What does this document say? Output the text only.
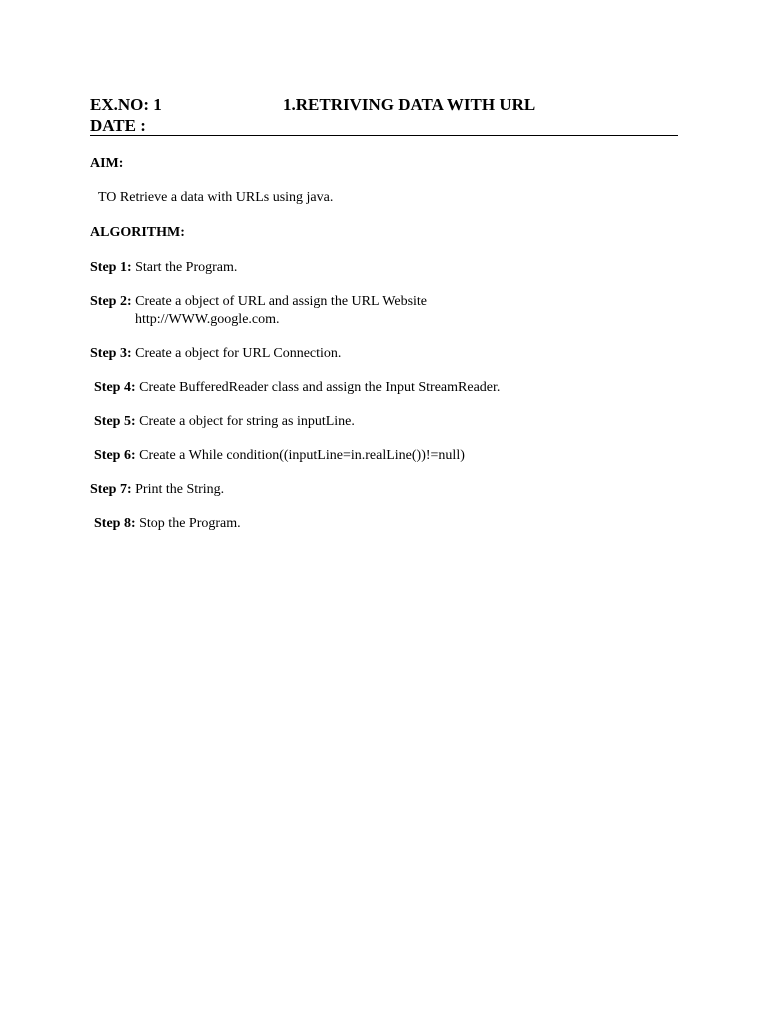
EX.NO: 1	1.RETRIVING DATA WITH URL
DATE :
AIM:
TO Retrieve a data with URLs using java.
ALGORITHM:
Step 1: Start the Program.
Step 2: Create a object of URL and assign the URL Website
http://WWW.google.com.
Step 3: Create a object for URL Connection.
Step 4: Create BufferedReader class and assign the Input StreamReader.
Step 5: Create a object for string as inputLine.
Step 6: Create a While condition((inputLine=in.realLine())!=null)
Step 7: Print the String.
Step 8: Stop the Program.
